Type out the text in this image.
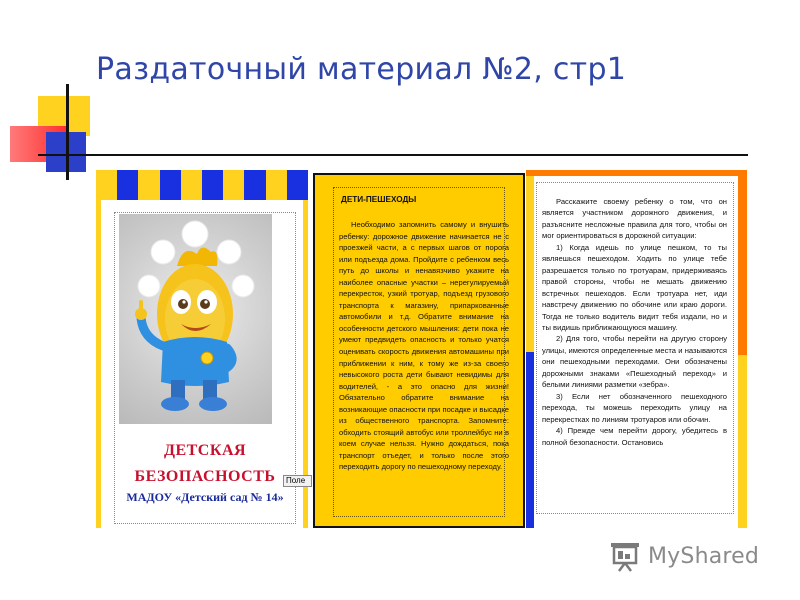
Раздаточный материал №2, стр1
ДЕТСКАЯ
БЕЗОПАСНОСТЬ
МАДОУ «Детский сад № 14»
Поле
ДЕТИ-ПЕШЕХОДЫ
Необходимо запомнить самому и внушить ребенку: дорожное движение начинается не с проезжей части, а с первых шагов от порога или подъезда дома. Пройдите с ребенком весь путь до школы и ненавязчиво укажите на наиболее опасные участки – нерегулируемый перекресток, узкий тротуар, подъезд грузового транспорта к магазину, припаркованные автомобили и т.д. Обратите внимание на особенности детского мышления: дети пока не умеют предвидеть опасность и только учатся оценивать скорость движения автомашины при приближении к ним, к тому же из-за своего невысокого роста дети бывают невидимы для водителей, - а это опасно для жизни! Обязательно обратите внимание на возникающие опасности при посадке и высадке из общественного транспорта. Запомните: обходить стоящий автобус или троллейбус ни в коем случае нельзя. Нужно дождаться, пока транспорт отъедет, и только после этого переходить дорогу по пешеходному переходу.

Расскажите своему ребенку о том, что он является участником дорожного движения, и разъясните несложные правила для того, чтобы он мог ориентироваться в дорожной ситуации:

1) Когда идешь по улице пешком, то ты являешься пешеходом. Ходить по улице тебе разрешается только по тротуарам, придерживаясь правой стороны, чтобы не мешать движению встречных пешеходов. Если тротуара нет, иди навстречу движению по обочине или краю дороги. Тогда не только водитель видит тебя издали, но и ты видишь приближающуюся машину.

2) Для того, чтобы перейти на другую сторону улицы, имеются определенные места и называются они пешеходными переходами. Они обозначены дорожными знаками «Пешеходный переход» и белыми линиями разметки «зебра».

3) Если нет обозначенного пешеходного перехода, ты можешь переходить улицу на перекрестках по линиям тротуаров или обочин.

4) Прежде чем перейти дорогу, убедитесь в полной безопасности. Остановись

MyShared
